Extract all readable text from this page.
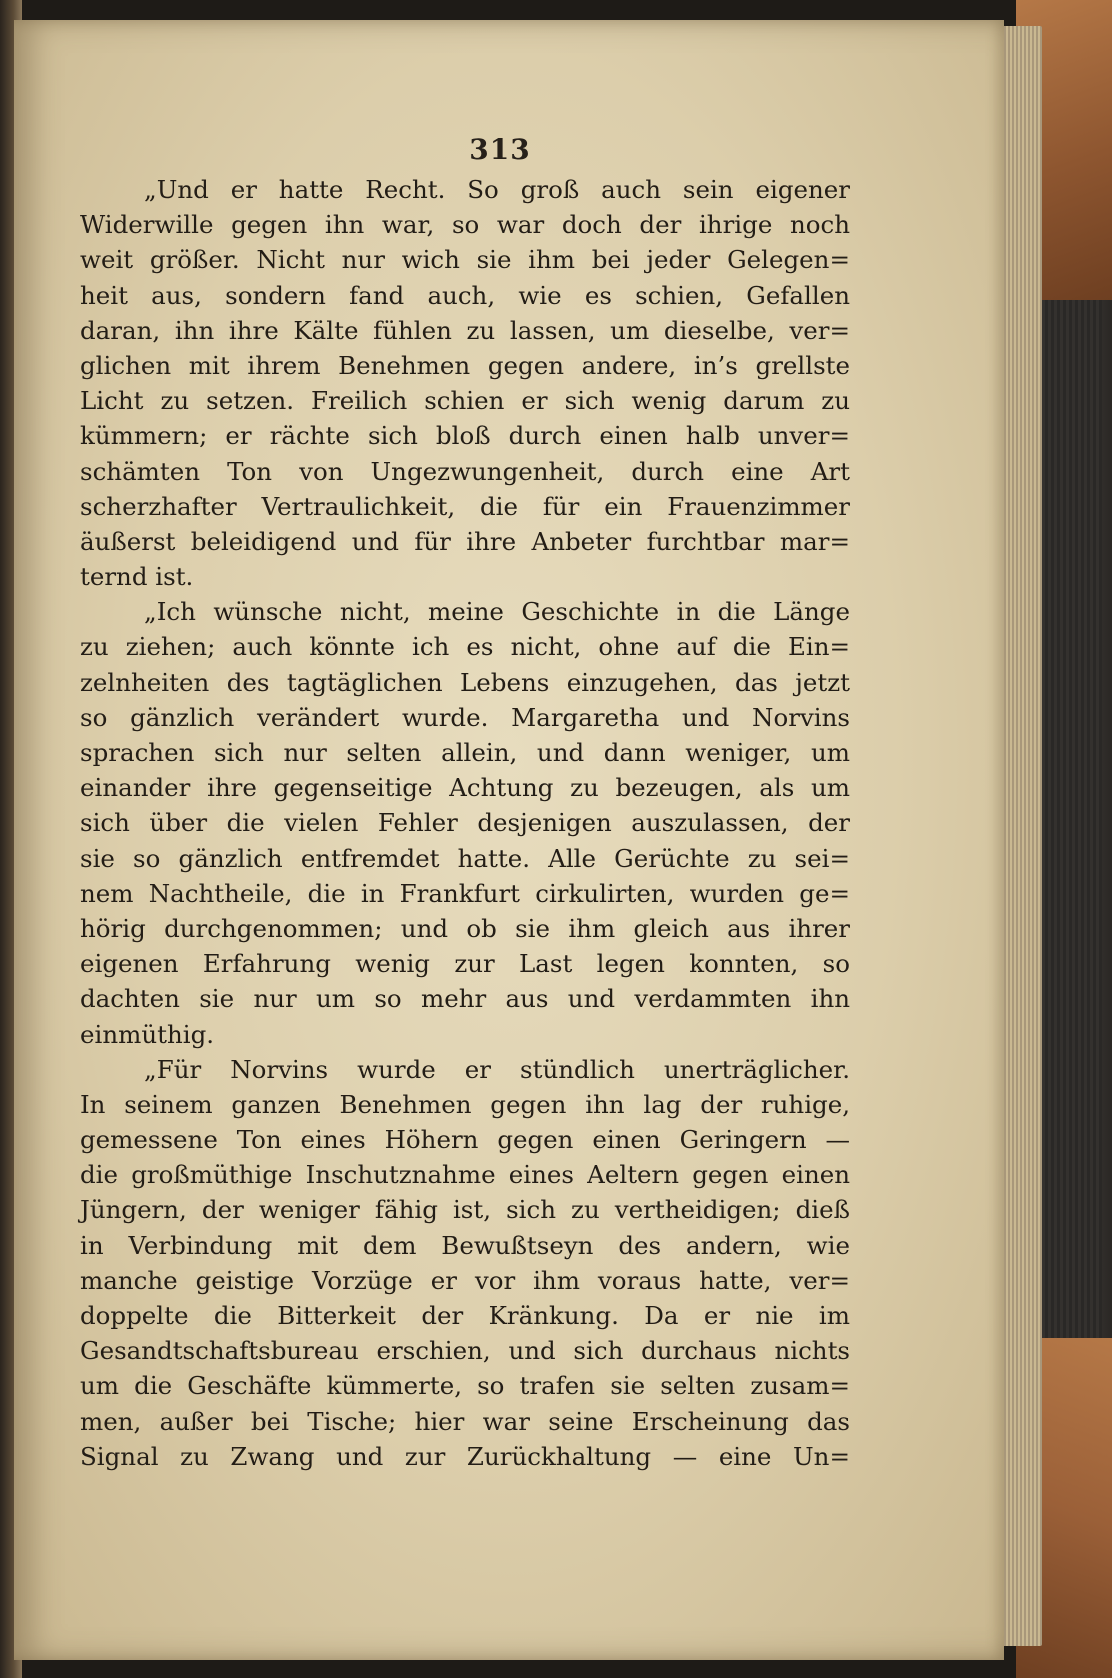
313
„Und er hatte Recht. So groß auch sein eigener
Widerwille gegen ihn war, so war doch der ihrige noch
weit größer. Nicht nur wich sie ihm bei jeder Gelegen=
heit aus, sondern fand auch, wie es schien, Gefallen
daran, ihn ihre Kälte fühlen zu lassen, um dieselbe, ver=
glichen mit ihrem Benehmen gegen andere, in’s grellste
Licht zu setzen. Freilich schien er sich wenig darum zu
kümmern; er rächte sich bloß durch einen halb unver=
schämten Ton von Ungezwungenheit, durch eine Art
scherzhafter Vertraulichkeit, die für ein Frauenzimmer
äußerst beleidigend und für ihre Anbeter furchtbar mar=
ternd ist.
„Ich wünsche nicht, meine Geschichte in die Länge
zu ziehen; auch könnte ich es nicht, ohne auf die Ein=
zelnheiten des tagtäglichen Lebens einzugehen, das jetzt
so gänzlich verändert wurde. Margaretha und Norvins
sprachen sich nur selten allein, und dann weniger, um
einander ihre gegenseitige Achtung zu bezeugen, als um
sich über die vielen Fehler desjenigen auszulassen, der
sie so gänzlich entfremdet hatte. Alle Gerüchte zu sei=
nem Nachtheile, die in Frankfurt cirkulirten, wurden ge=
hörig durchgenommen; und ob sie ihm gleich aus ihrer
eigenen Erfahrung wenig zur Last legen konnten, so
dachten sie nur um so mehr aus und verdammten ihn
einmüthig.
„Für Norvins wurde er stündlich unerträglicher.
In seinem ganzen Benehmen gegen ihn lag der ruhige,
gemessene Ton eines Höhern gegen einen Geringern —
die großmüthige Inschutznahme eines Aeltern gegen einen
Jüngern, der weniger fähig ist, sich zu vertheidigen; dieß
in Verbindung mit dem Bewußtseyn des andern, wie
manche geistige Vorzüge er vor ihm voraus hatte, ver=
doppelte die Bitterkeit der Kränkung. Da er nie im
Gesandtschaftsbureau erschien, und sich durchaus nichts
um die Geschäfte kümmerte, so trafen sie selten zusam=
men, außer bei Tische; hier war seine Erscheinung das
Signal zu Zwang und zur Zurückhaltung — eine Un=
